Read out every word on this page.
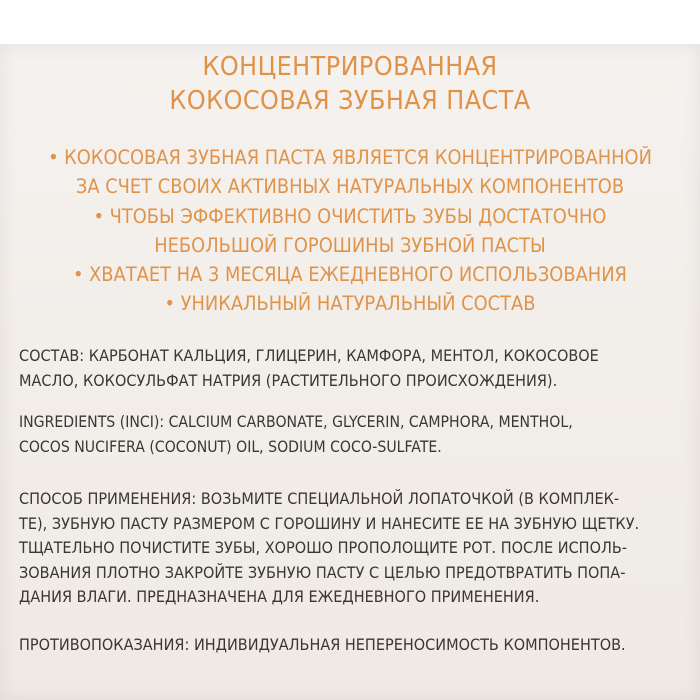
КОНЦЕНТРИРОВАННАЯ
КОКОСОВАЯ ЗУБНАЯ ПАСТА
• КОКОСОВАЯ ЗУБНАЯ ПАСТА ЯВЛЯЕТСЯ КОНЦЕНТРИРОВАННОЙ
ЗА СЧЕТ СВОИХ АКТИВНЫХ НАТУРАЛЬНЫХ КОМПОНЕНТОВ
• ЧТОБЫ ЭФФЕКТИВНО ОЧИСТИТЬ ЗУБЫ ДОСТАТОЧНО
НЕБОЛЬШОЙ ГОРОШИНЫ ЗУБНОЙ ПАСТЫ
• ХВАТАЕТ НА 3 МЕСЯЦА ЕЖЕДНЕВНОГО ИСПОЛЬЗОВАНИЯ
• УНИКАЛЬНЫЙ НАТУРАЛЬНЫЙ СОСТАВ
СОСТАВ: КАРБОНАТ КАЛЬЦИЯ, ГЛИЦЕРИН, КАМФОРА, МЕНТОЛ, КОКОСОВОЕ
МАСЛО, КОКОСУЛЬФАТ НАТРИЯ (РАСТИТЕЛЬНОГО ПРОИСХОЖДЕНИЯ).
INGREDIENTS (INCI): CALCIUM CARBONATE, GLYCERIN, CAMPHORA, MENTHOL,
COCOS NUCIFERA (COCONUT) OIL, SODIUM COCO-SULFATE.
СПОСОБ ПРИМЕНЕНИЯ: ВОЗЬМИТЕ СПЕЦИАЛЬНОЙ ЛОПАТОЧКОЙ (В КОМПЛЕК-
ТЕ), ЗУБНУЮ ПАСТУ РАЗМЕРОМ С ГОРОШИНУ И НАНЕСИТЕ ЕЕ НА ЗУБНУЮ ЩЕТКУ.
ТЩАТЕЛЬНО ПОЧИСТИТЕ ЗУБЫ, ХОРОШО ПРОПОЛОЩИТЕ РОТ. ПОСЛЕ ИСПОЛЬ-
ЗОВАНИЯ ПЛОТНО ЗАКРОЙТЕ ЗУБНУЮ ПАСТУ С ЦЕЛЬЮ ПРЕДОТВРАТИТЬ ПОПА-
ДАНИЯ ВЛАГИ. ПРЕДНАЗНАЧЕНА ДЛЯ ЕЖЕДНЕВНОГО ПРИМЕНЕНИЯ.
ПРОТИВОПОКАЗАНИЯ: ИНДИВИДУАЛЬНАЯ НЕПЕРЕНОСИМОСТЬ КОМПОНЕНТОВ.
